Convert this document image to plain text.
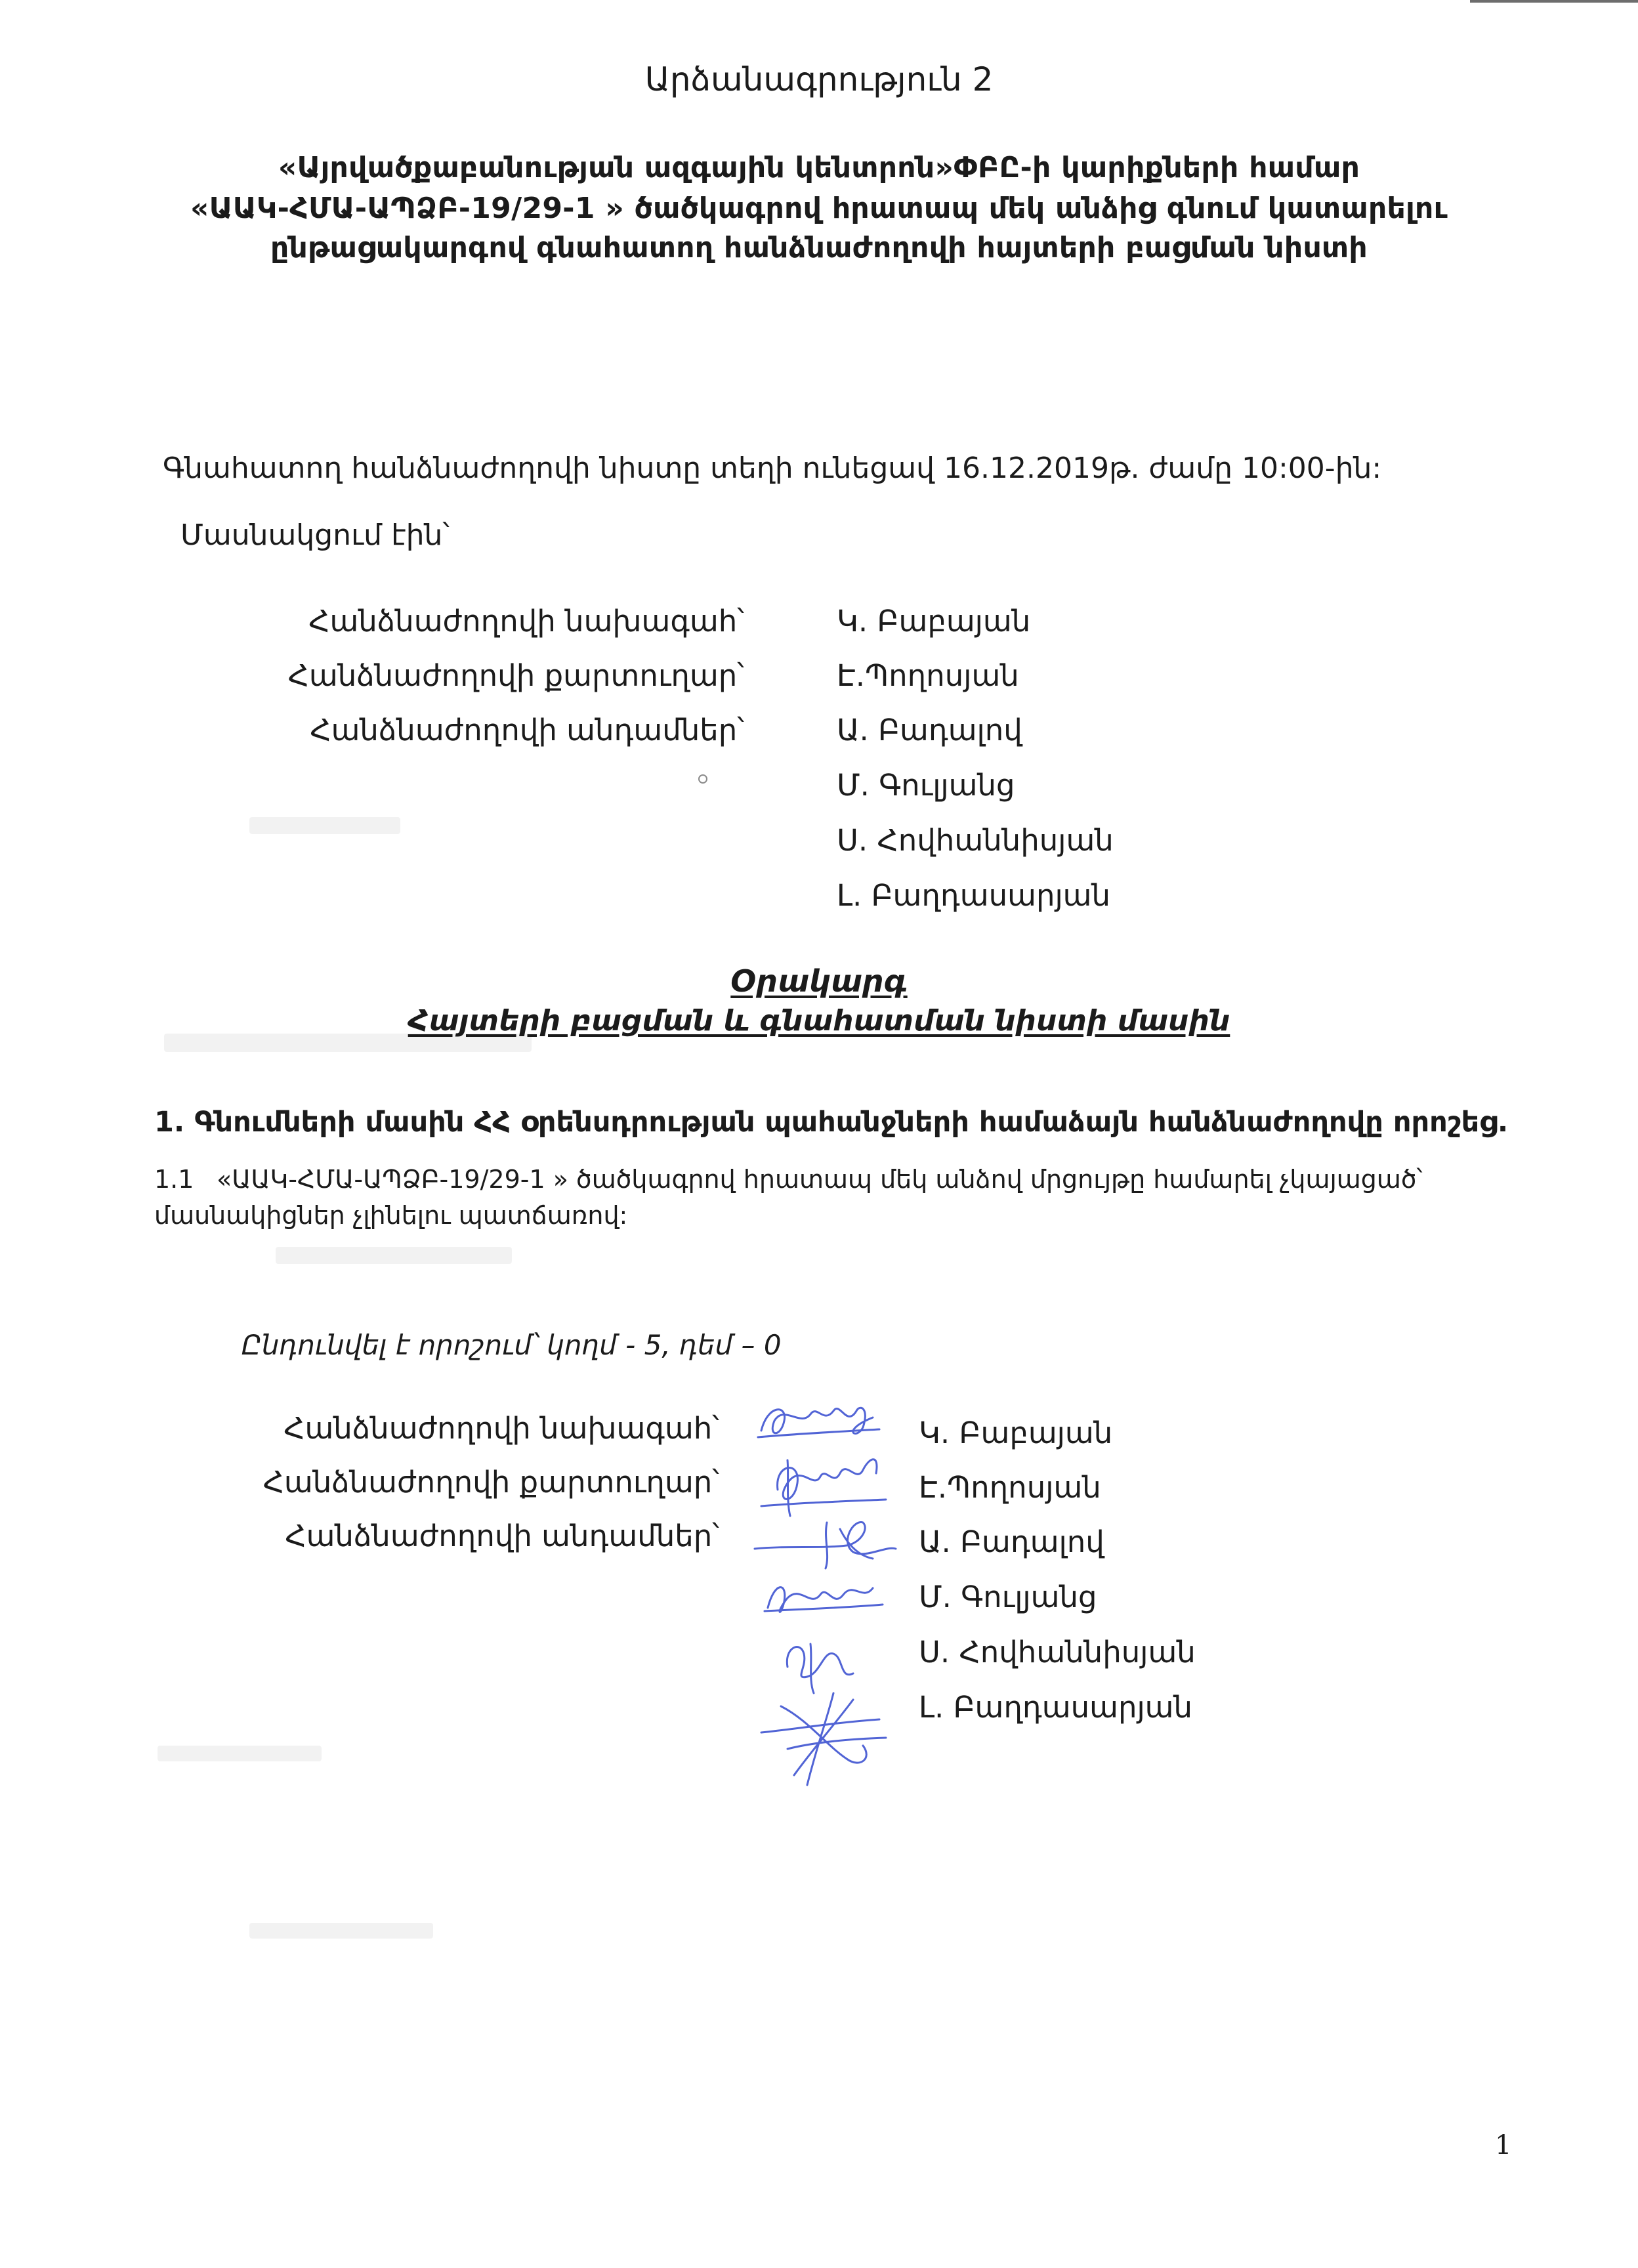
Արձանագրություն 2
«Այրվածքաբանության ազգային կենտրոն»ՓԲԸ-ի կարիքների համար
«ԱԱԿ-ՀՄԱ-ԱՊՁԲ-19/29-1 » ծածկագրով հրատապ մեկ անձից գնում կատարելու
ընթացակարգով գնահատող հանձնաժողովի հայտերի բացման նիստի
Գնահատող հանձնաժողովի նիստը տեղի ունեցավ 16.12.2019թ. ժամը 10:00-ին:
Մասնակցում էին՝
Հանձնաժողովի նախագահ՝
Հանձնաժողովի քարտուղար՝
Հանձնաժողովի անդամներ՝
Կ. Բաբայան
Է.Պողոսյան
Ա. Բադալով
Մ. Գուլյանց
Ս. Հովհաննիսյան
Լ. Բաղդասարյան
Օրակարգ
Հայտերի բացման և գնահատման նիստի մասին
1. Գնումների մասին ՀՀ օրենսդրության պահանջների համաձայն հանձնաժողովը որոշեց.
1.1 «ԱԱԿ-ՀՄԱ-ԱՊՁԲ-19/29-1 » ծածկագրով հրատապ մեկ անձով մրցույթը համարել չկայացած՝
մասնակիցներ չլինելու պատճառով:
Ընդունվել է որոշում՝ կողմ - 5, դեմ – 0
Հանձնաժողովի նախագահ՝
Հանձնաժողովի քարտուղար՝
Հանձնաժողովի անդամներ՝
Կ. Բաբայան
Է.Պողոսյան
Ա. Բադալով
Մ. Գուլյանց
Ս. Հովհաննիսյան
Լ. Բաղդասարյան
1
